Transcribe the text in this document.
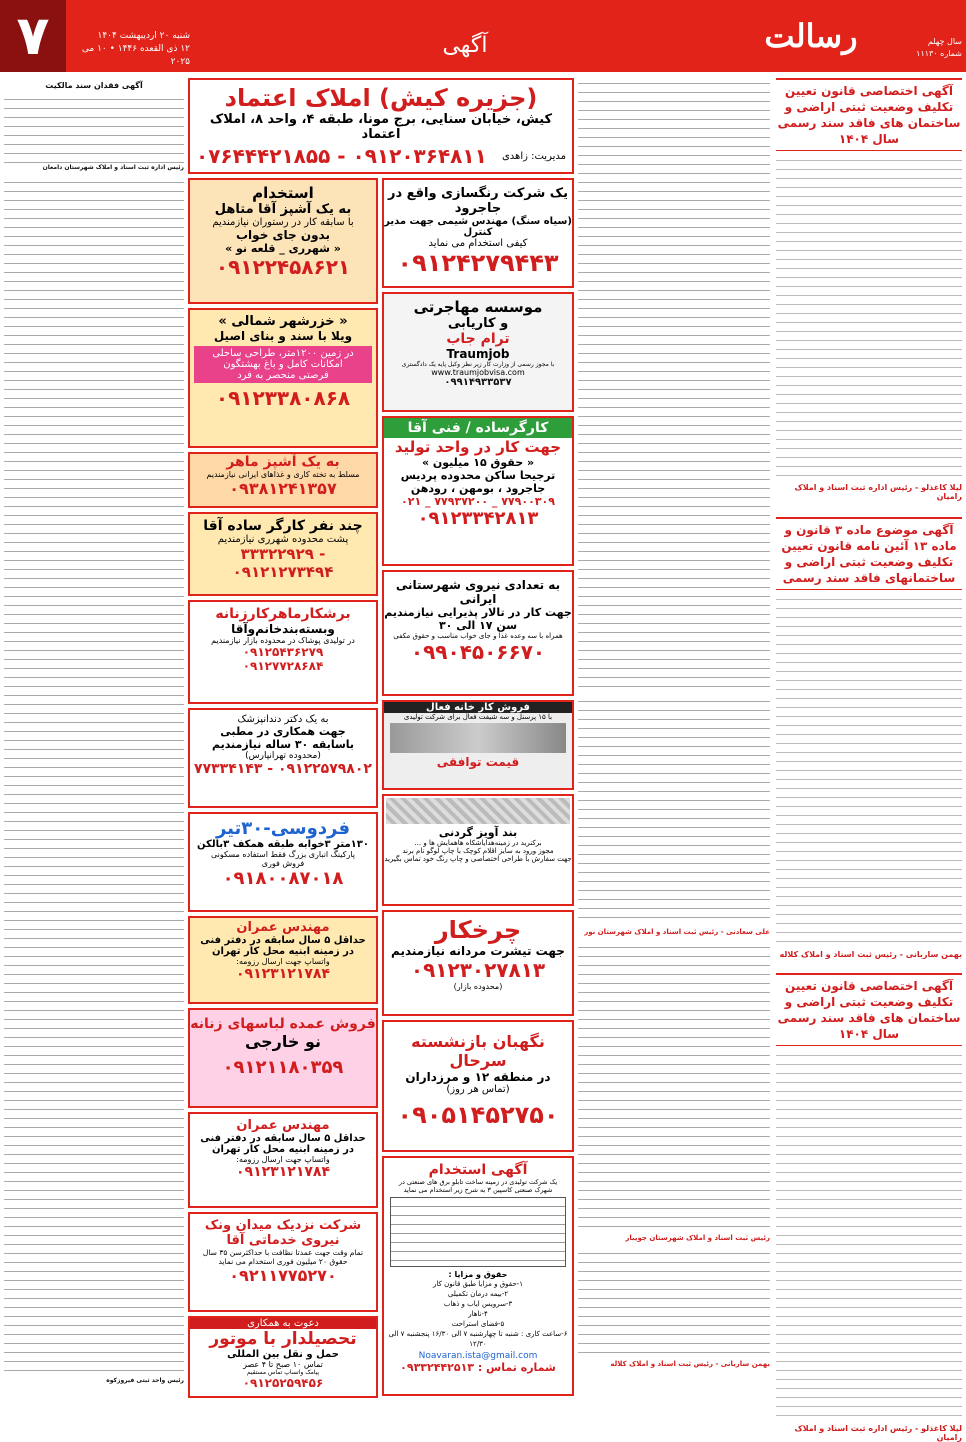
۷	شنبه ۲۰ اردیبهشت ۱۴۰۴
۱۲ ذی القعده ۱۴۴۶ • ۱۰ می ۲۰۲۵
آگهی	رسالت	سال چهلم
شماره ۱۱۱۳۰
آگهی اختصاصی قانون تعیین تکلیف وضعیت ثبتی اراضی و ساختمان های فاقد سند رسمی سال ۱۴۰۴
لیلا کاغذلو - رئیس اداره ثبت اسناد و املاک رامیان
آگهی موضوع ماده ۳ قانون و ماده ۱۳ آئین نامه قانون تعیین تکلیف وضعیت ثبتی اراضی و ساختمانهای فاقد سند رسمی
بهمن ساربانی - رئیس ثبت اسناد و املاک کلاله
آگهی اختصاصی قانون تعیین تکلیف وضعیت ثبتی اراضی و ساختمان های فاقد سند رسمی سال ۱۴۰۴
لیلا کاغذلو - رئیس اداره ثبت اسناد و املاک رامیان
علی سعادتی - رئیس ثبت اسناد و املاک شهرستان نور
رئیس ثبت اسناد و املاک شهرستان جویبار
بهمن ساربانی - رئیس ثبت اسناد و املاک کلاله
آگهی فقدان سند مالکیت
رئیس اداره ثبت اسناد و املاک شهرستان دامغان
رئیس واحد ثبتی فیروزکوه
(جزیره کیش) املاک اعتماد
کیش، خیابان سنایی، برج مونا، طبقه ۴، واحد ۸، املاک اعتماد
مدیریت: زاهدی
۰۷۶۴۴۴۲۱۸۵۵ - ۰۹۱۲۰۳۶۴۸۱۱
استخدام
به یک آشپز آقا متاهل
با سابقه کار در رستوران نیازمندیم
بدون جای خواب
« شهرری _ قلعه نو »
۰۹۱۲۲۴۵۸۶۲۱
یک شرکت رنگسازی واقع در جاجرود
(سیاه سنگ) مهندس شیمی جهت مدیر کنترل
کیفی استخدام می نماید
۰۹۱۲۴۲۷۹۴۴۳
« خزرشهر شمالی »
ویلا با سند و بنای اصیل
در زمین ۱۲۰۰متر، طراحی ساحلی
امکانات کامل و باغ بهشتگون
فرصتی منحصر به فرد
۰۹۱۲۳۳۸۰۸۶۸
موسسه مهاجرتی
و کاریابی
ترام جاب
Traumjob
با مجوز رسمی از وزارت کار زیر نظر وکیل پایه یک دادگستری
www.traumjobvisa.com
۰۹۹۱۴۹۳۳۵۳۷
به یک آشپز ماهر
مسلط به تخته کاری و غذاهای ایرانی نیازمندیم
۰۹۳۸۱۲۴۱۳۵۷
کارگرساده / فنی آقا
جهت کار در واحد تولید
« حقوق ۱۵ میلیون »
ترجیحا ساکن محدوده پردیس
جاجرود ، بومهن ، رودهن
۰۲۱ _ ۷۷۹۳۷۲۰۰ _ ۷۷۹۰۰۳۰۹
۰۹۱۲۳۳۴۲۸۱۳
چند نفر کارگر ساده آقا
پشت محدوده شهرری نیازمندیم
۳۳۳۲۲۹۲۹ - ۰۹۱۲۱۲۷۳۴۹۴
به تعدادی نیروی شهرستانی ایرانی
جهت کار در تالار پذیرایی نیازمندیم
سن ۱۷ الی ۳۰
همراه با سه وعده غذا و جای خواب مناسب و حقوق مکفی
۰۹۹۰۴۵۰۶۶۷۰
برشکارماهرکارزنانه
وبسته‌بندخانم‌وآقا
در تولیدی پوشاک در محدوده بازار نیازمندیم
۰۹۱۲۵۴۳۶۲۷۹
۰۹۱۲۷۷۲۸۶۸۴
فروش کار خانه فعال
با ۱۵ پرسنل و سه شیفت فعال برای شرکت تولیدی
قیمت توافقی
به یک دکتر دندانپزشک
جهت همکاری در مطبی
باسابقه ۳۰ ساله نیازمندیم
(محدوده تهرانپارس)
۷۷۳۳۴۱۴۳ - ۰۹۱۲۲۵۷۹۸۰۲
بند آویز گردنی
برکنرید در زمینه‌هدایاشکاه هاهمایش ها و ...
مجوز ورود به سایز اقلام کوچک با چاپ لوگو نام برند
جهت سفارش با طراحی اختصاصی و چاپ رنگ خود تماس بگیرید
فردوسی-۳۰تیر
۱۳۰متر ۳خوابه طبقه همکف ۳بالکن
پارکینگ انباری بزرگ فقط استفاده مسکونی
فروش فوری
۰۹۱۸۰۰۸۷۰۱۸
مهندس عمران
حداقل ۵ سال سابقه در دفتر فنی
در زمینه ابنیه محل کار تهران
واتساپ جهت ارسال رزومه:
۰۹۱۲۳۱۲۱۷۸۴
چرخکار
جهت تیشرت مردانه نیازمندیم
۰۹۱۲۳۰۲۷۸۱۳
(محدوده بازار)
فروش عمده لباسهای زنانه
نو خارجی
۰۹۱۲۱۱۸۰۳۵۹
نگهبان بازنشسته سرحال
در منطقه ۱۲ و مرزداران
(تماس هر روز)
۰۹۰۵۱۴۵۲۷۵۰
مهندس عمران
حداقل ۵ سال سابقه در دفتر فنی
در زمینه ابنیه محل کار تهران
واتساپ جهت ارسال رزومه:
۰۹۱۲۳۱۲۱۷۸۴	آگهی استخدام
یک شرکت تولیدی در زمینه ساخت تابلو برق های صنعتی در
شهرک صنعتی کاسپین ۳ به شرح زیر استخدام می نماید
حقوق و مزایا :
۱-حقوق و مزایا طبق قانون کار
۲-بیمه درمان تکمیلی
۳-سرویس ایاب و ذهاب
۴-ناهار
۵-فضای استراحت
۶-ساعت کاری : شنبه تا چهارشنبه ۷ الی ۱۶/۳۰ پنجشنبه ۷ الی ۱۲/۳۰
Noavaran.ista@gmail.com
شماره تماس : ۰۹۳۳۲۴۴۲۵۱۳
شرکت نزدیک میدان ونک
نیروی خدماتی آقا
تمام وقت جهت عمدتا نظافت با حداکثرسن ۳۵ سال
حقوق ۲۰ میلیون فوری استخدام می نماید
۰۹۲۱۱۷۷۵۲۷۰
دعوت به همکاری
تحصیلدار با موتور
حمل و نقل بین المللی
تماس ۱۰ صبح تا ۴ عصر
پیامک واتساپ تماس مستقیم
۰۹۱۲۵۲۵۹۴۵۶
